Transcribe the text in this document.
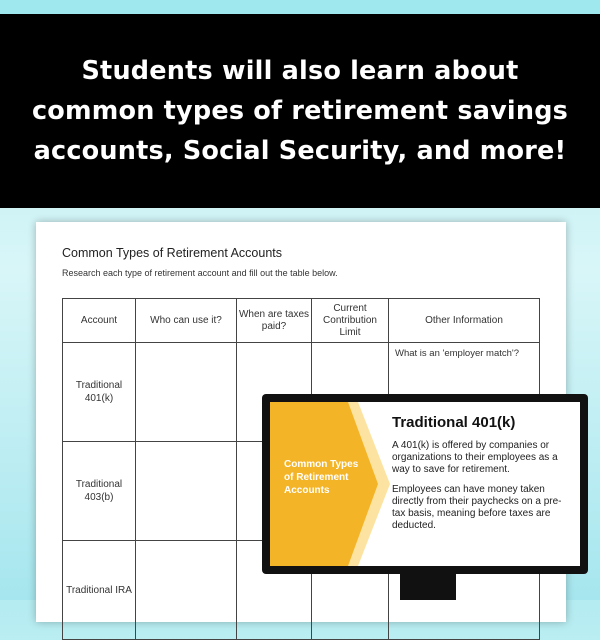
Students will also learn about common types of retirement savings accounts, Social Security, and more!
Common Types of Retirement Accounts
Research each type of retirement account and fill out the table below.
Account	Who can use it?	When are taxes paid?	Current Contribution Limit	Other Information
Traditional 401(k)				What is an 'employer match'?

Traditional 403(b)				

Traditional IRA				
Common Types of Retirement Accounts
Traditional 401(k)

A 401(k) is offered by companies or organizations to their employees as a way to save for retirement.

Employees can have money taken directly from their paychecks on a pre-tax basis, meaning before taxes are deducted.
